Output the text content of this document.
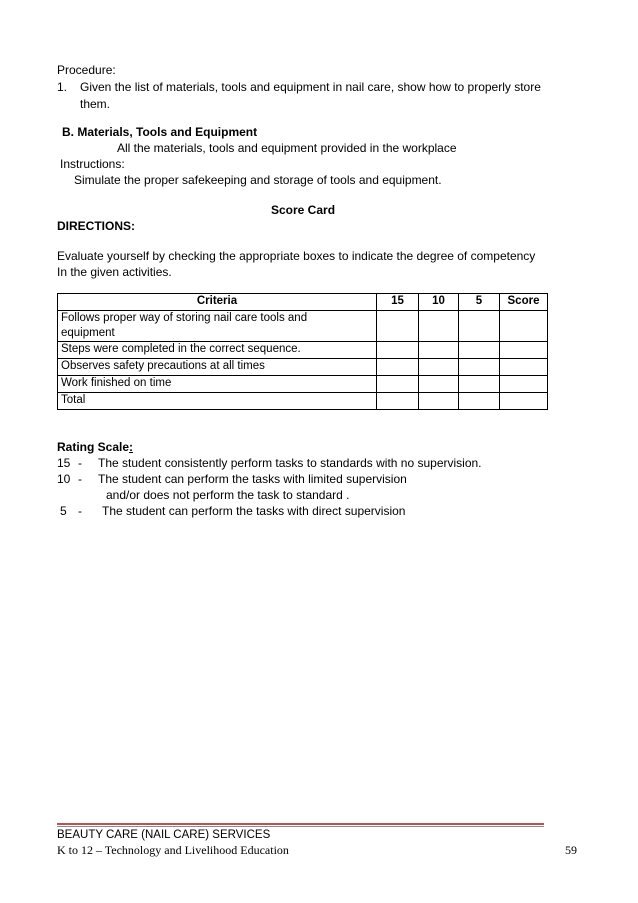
Procedure:
1. Given the list of materials, tools and equipment in nail care, show how to properly store
them.
B. Materials, Tools and Equipment
All the materials, tools and equipment provided in the workplace
Instructions:
Simulate the proper safekeeping and storage of tools and equipment.
Score Card
DIRECTIONS:
Evaluate yourself by checking the appropriate boxes to indicate the degree of competency
In the given activities.
Criteria	15	10	5	Score

Follows proper way of storing nail care tools and
equipment				

Steps were completed in the correct sequence.				
Observes safety precautions at all times				
Work finished on time				
Total				
Rating Scale:
15 - The student consistently perform tasks to standards with no supervision.
10 - The student can perform the tasks with limited supervision
and/or does not perform the task to standard .
5 - The student can perform the tasks with direct supervision
BEAUTY CARE (NAIL CARE) SERVICES
K to 12 – Technology and Livelihood Education	59
